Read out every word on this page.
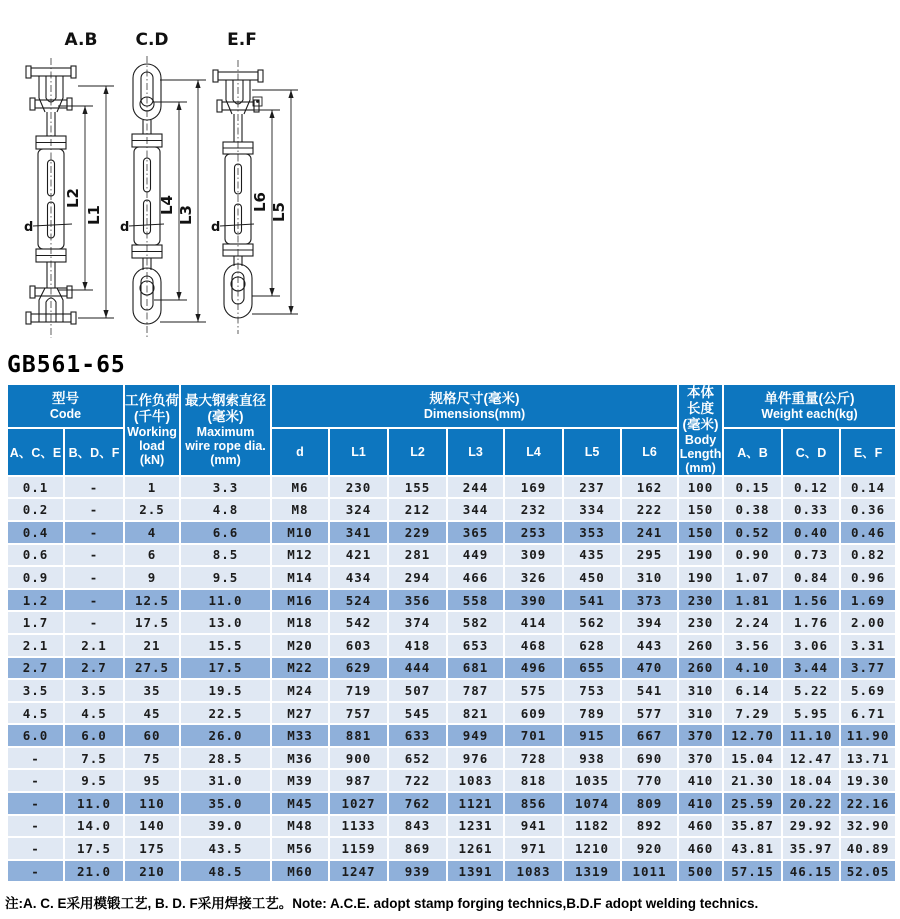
A.B
d
L2
L1
C.D
d
L4 L3
E.F
d
L6 L5
GB561-65
型号
Code

工作负荷
(千牛)
Working
load
(kN)

最大钢索直径
(毫米)
Maximum
wire rope dia.
(mm)

规格尺寸(毫米)
Dimensions(mm)

本体
长度
(毫米)
Body
Length
(mm)

单件重量(公斤)
Weight each(kg)

A、C、E	B、D、F			d	L1	L2	L3	L4	L5	L6		A、B	C、D	E、F
0.1	-	1	3.3	M6	230	155	244	169	237	162	100	0.15	0.12	0.14
0.2	-	2.5	4.8	M8	324	212	344	232	334	222	150	0.38	0.33	0.36
0.4	-	4	6.6	M10	341	229	365	253	353	241	150	0.52	0.40	0.46
0.6	-	6	8.5	M12	421	281	449	309	435	295	190	0.90	0.73	0.82
0.9	-	9	9.5	M14	434	294	466	326	450	310	190	1.07	0.84	0.96
1.2	-	12.5	11.0	M16	524	356	558	390	541	373	230	1.81	1.56	1.69
1.7	-	17.5	13.0	M18	542	374	582	414	562	394	230	2.24	1.76	2.00
2.1	2.1	21	15.5	M20	603	418	653	468	628	443	260	3.56	3.06	3.31
2.7	2.7	27.5	17.5	M22	629	444	681	496	655	470	260	4.10	3.44	3.77
3.5	3.5	35	19.5	M24	719	507	787	575	753	541	310	6.14	5.22	5.69
4.5	4.5	45	22.5	M27	757	545	821	609	789	577	310	7.29	5.95	6.71
6.0	6.0	60	26.0	M33	881	633	949	701	915	667	370	12.70	11.10	11.90
-	7.5	75	28.5	M36	900	652	976	728	938	690	370	15.04	12.47	13.71
-	9.5	95	31.0	M39	987	722	1083	818	1035	770	410	21.30	18.04	19.30
-	11.0	110	35.0	M45	1027	762	1121	856	1074	809	410	25.59	20.22	22.16
-	14.0	140	39.0	M48	1133	843	1231	941	1182	892	460	35.87	29.92	32.90
-	17.5	175	43.5	M56	1159	869	1261	971	1210	920	460	43.81	35.97	40.89
-	21.0	210	48.5	M60	1247	939	1391	1083	1319	1011	500	57.15	46.15	52.05
注:A. C. E采用模锻工艺, B. D. F采用焊接工艺。Note: A.C.E. adopt stamp forging technics,B.D.F adopt welding technics.
